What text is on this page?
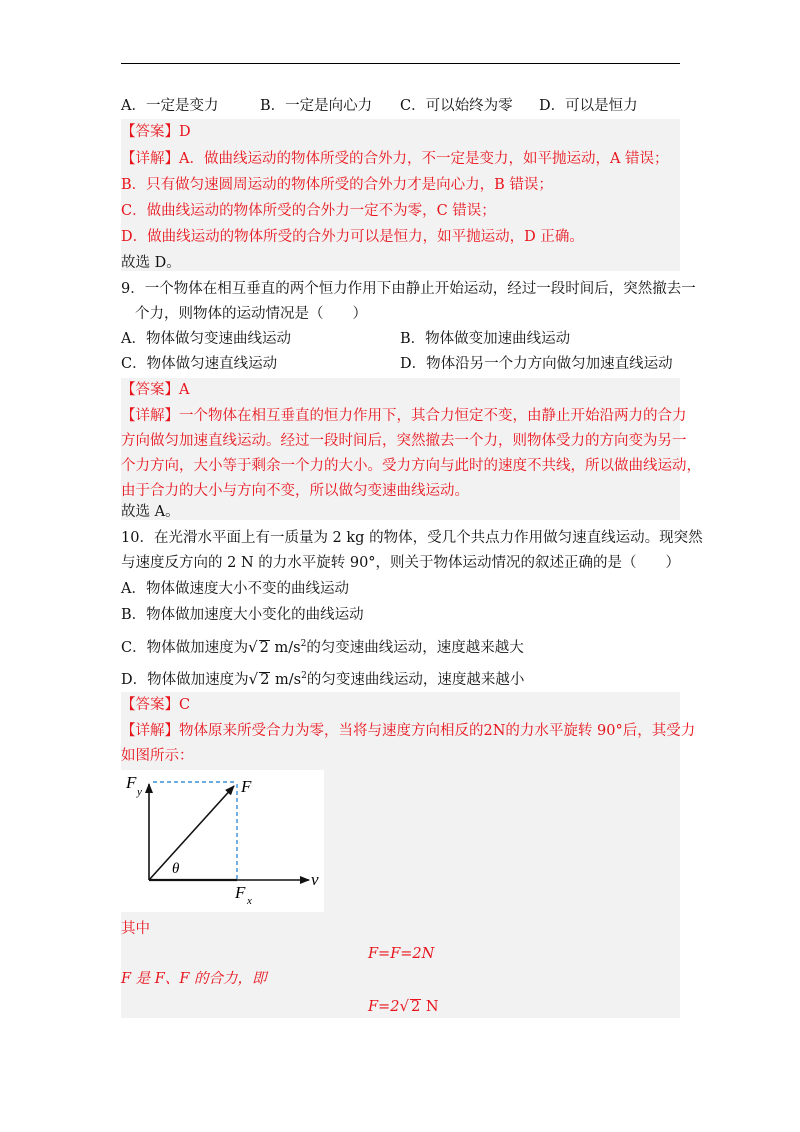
A．一定是变力	B．一定是向心力 C．可以始终为零 D．可以是恒力
【答案】D
【详解】A．做曲线运动的物体所受的合外力，不一定是变力，如平抛运动，A 错误；
B．只有做匀速圆周运动的物体所受的合外力才是向心力，B 错误；
C．做曲线运动的物体所受的合外力一定不为零，C 错误；
D．做曲线运动的物体所受的合外力可以是恒力，如平抛运动，D 正确。
故选 D。
9．一个物体在相互垂直的两个恒力作用下由静止开始运动，经过一段时间后，突然撤去一
个力，则物体的运动情况是（　　）
A．物体做匀变速曲线运动	B．物体做变加速曲线运动
C．物体做匀速直线运动	D．物体沿另一个力方向做匀加速直线运动
【答案】A
【详解】一个物体在相互垂直的恒力作用下，其合力恒定不变，由静止开始沿两力的合力
方向做匀加速直线运动。经过一段时间后，突然撤去一个力，则物体受力的方向变为另一
个力方向，大小等于剩余一个力的大小。受力方向与此时的速度不共线，所以做曲线运动，
由于合力的大小与方向不变，所以做匀变速曲线运动。
故选 A。
10．在光滑水平面上有一质量为 2 kg 的物体，受几个共点力作用做匀速直线运动。现突然
与速度反方向的 2 N 的力水平旋转 90°，则关于物体运动情况的叙述正确的是（　　）
A．物体做速度大小不变的曲线运动
B．物体做加速度大小变化的曲线运动
C．物体做加速度为√ 2 $m/s^2$的匀变速曲线运动，速度越来越大
D．物体做加速度为√ 2 $m/s^2$的匀变速曲线运动，速度越来越小
【答案】C
【详解】物体原来所受合力为零，当将与速度方向相反的2N的力水平旋转 90°后，其受力
如图所示：
F y	F
θ
v
F x
其中
F=F=2N
F 是 F、F 的合力，即
F=2√ 2 N
